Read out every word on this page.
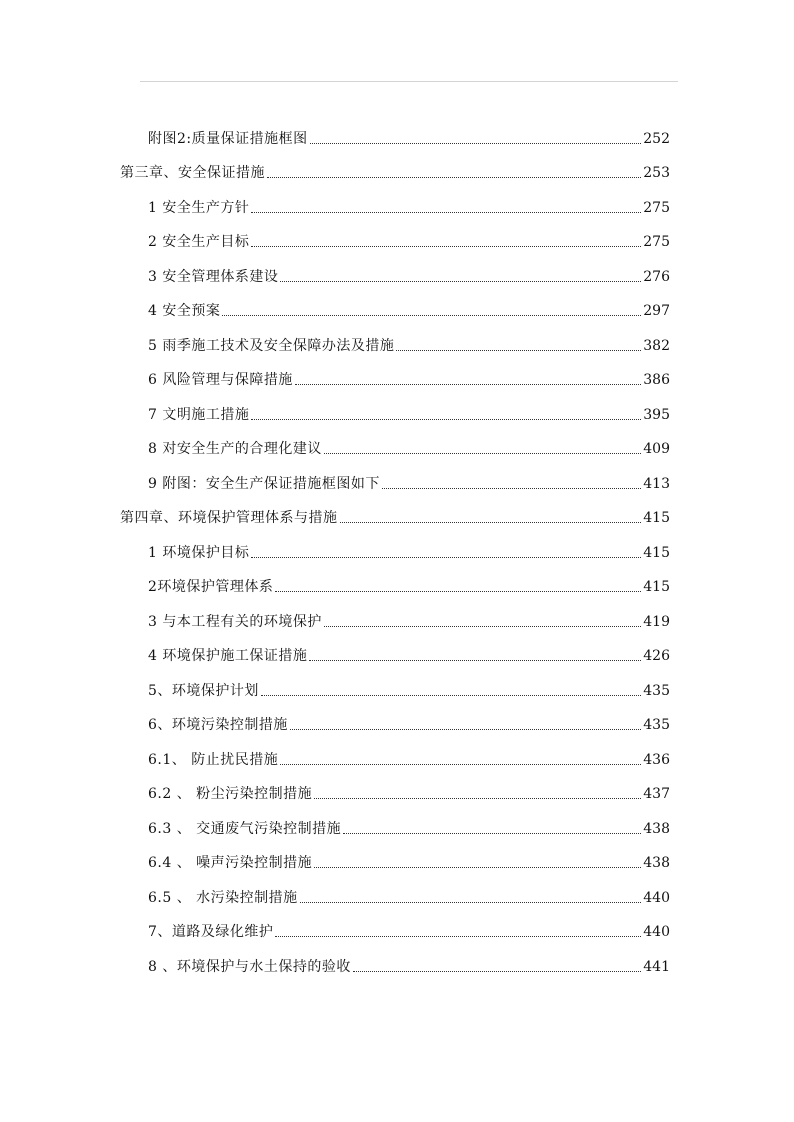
附图2:质量保证措施框图	252
第三章、安全保证措施	253
1 安全生产方针	275
2 安全生产目标	275
3 安全管理体系建设	276
4 安全预案	297
5 雨季施工技术及安全保障办法及措施	382
6 风险管理与保障措施	386
7 文明施工措施	395
8 对安全生产的合理化建议	409
9 附图：安全生产保证措施框图如下	413
第四章、环境保护管理体系与措施	415
1 环境保护目标	415
2环境保护管理体系	415
3 与本工程有关的环境保护	419
4 环境保护施工保证措施	426
5、环境保护计划	435
6、环境污染控制措施	435
6.1、 防止扰民措施	436
6.2 、 粉尘污染控制措施	437
6.3 、 交通废气污染控制措施	438
6.4 、 噪声污染控制措施	438
6.5 、 水污染控制措施	440
7、道路及绿化维护	440
8 、环境保护与水土保持的验收	441
